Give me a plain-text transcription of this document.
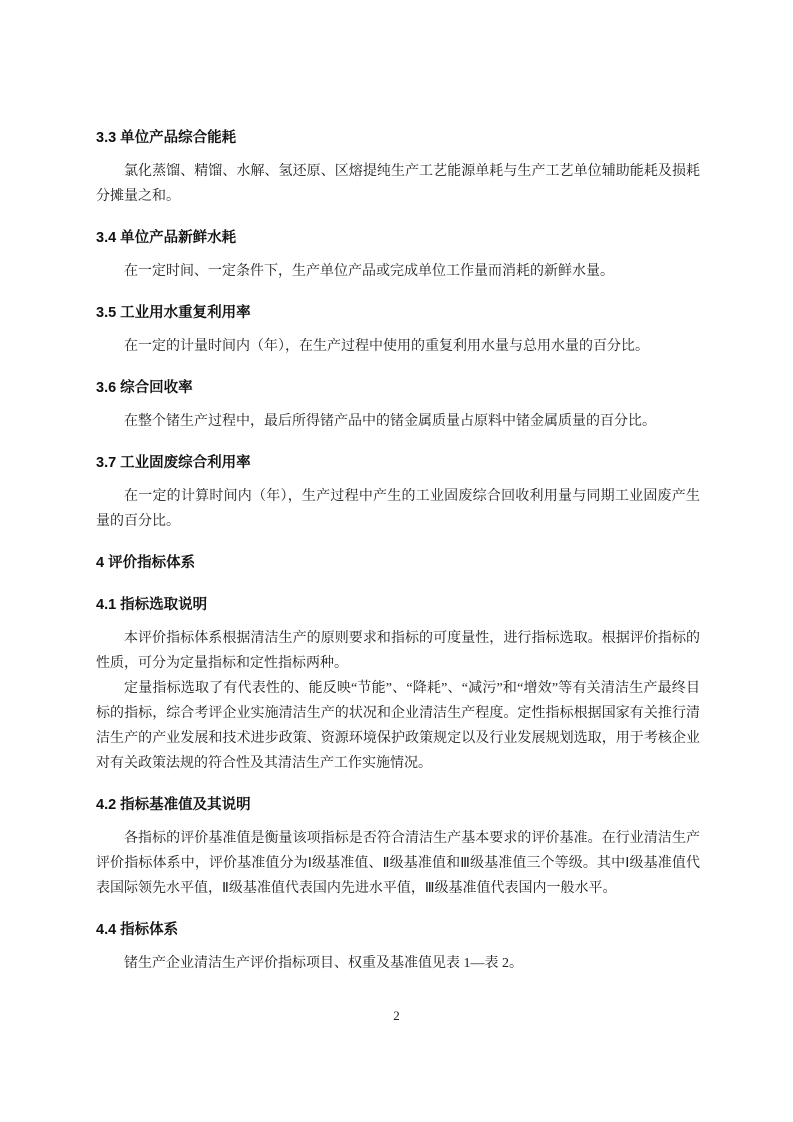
3.3 单位产品综合能耗

氯化蒸馏、精馏、水解、氢还原、区熔提纯生产工艺能源单耗与生产工艺单位辅助能耗及损耗分摊量之和。

3.4 单位产品新鲜水耗

在一定时间、一定条件下，生产单位产品或完成单位工作量而消耗的新鲜水量。

3.5 工业用水重复利用率

在一定的计量时间内（年），在生产过程中使用的重复利用水量与总用水量的百分比。

3.6 综合回收率

在整个锗生产过程中，最后所得锗产品中的锗金属质量占原料中锗金属质量的百分比。

3.7 工业固废综合利用率

在一定的计算时间内（年），生产过程中产生的工业固废综合回收利用量与同期工业固废产生量的百分比。

4 评价指标体系
4.1 指标选取说明

本评价指标体系根据清洁生产的原则要求和指标的可度量性，进行指标选取。根据评价指标的性质，可分为定量指标和定性指标两种。

定量指标选取了有代表性的、能反映“节能”、“降耗”、“减污”和“增效”等有关清洁生产最终目标的指标，综合考评企业实施清洁生产的状况和企业清洁生产程度。定性指标根据国家有关推行清洁生产的产业发展和技术进步政策、资源环境保护政策规定以及行业发展规划选取，用于考核企业对有关政策法规的符合性及其清洁生产工作实施情况。

4.2 指标基准值及其说明

各指标的评价基准值是衡量该项指标是否符合清洁生产基本要求的评价基准。在行业清洁生产评价指标体系中，评价基准值分为Ⅰ级基准值、Ⅱ级基准值和Ⅲ级基准值三个等级。其中Ⅰ级基准值代表国际领先水平值，Ⅱ级基准值代表国内先进水平值，Ⅲ级基准值代表国内一般水平。

4.4 指标体系

锗生产企业清洁生产评价指标项目、权重及基准值见表 1—表 2。

2
